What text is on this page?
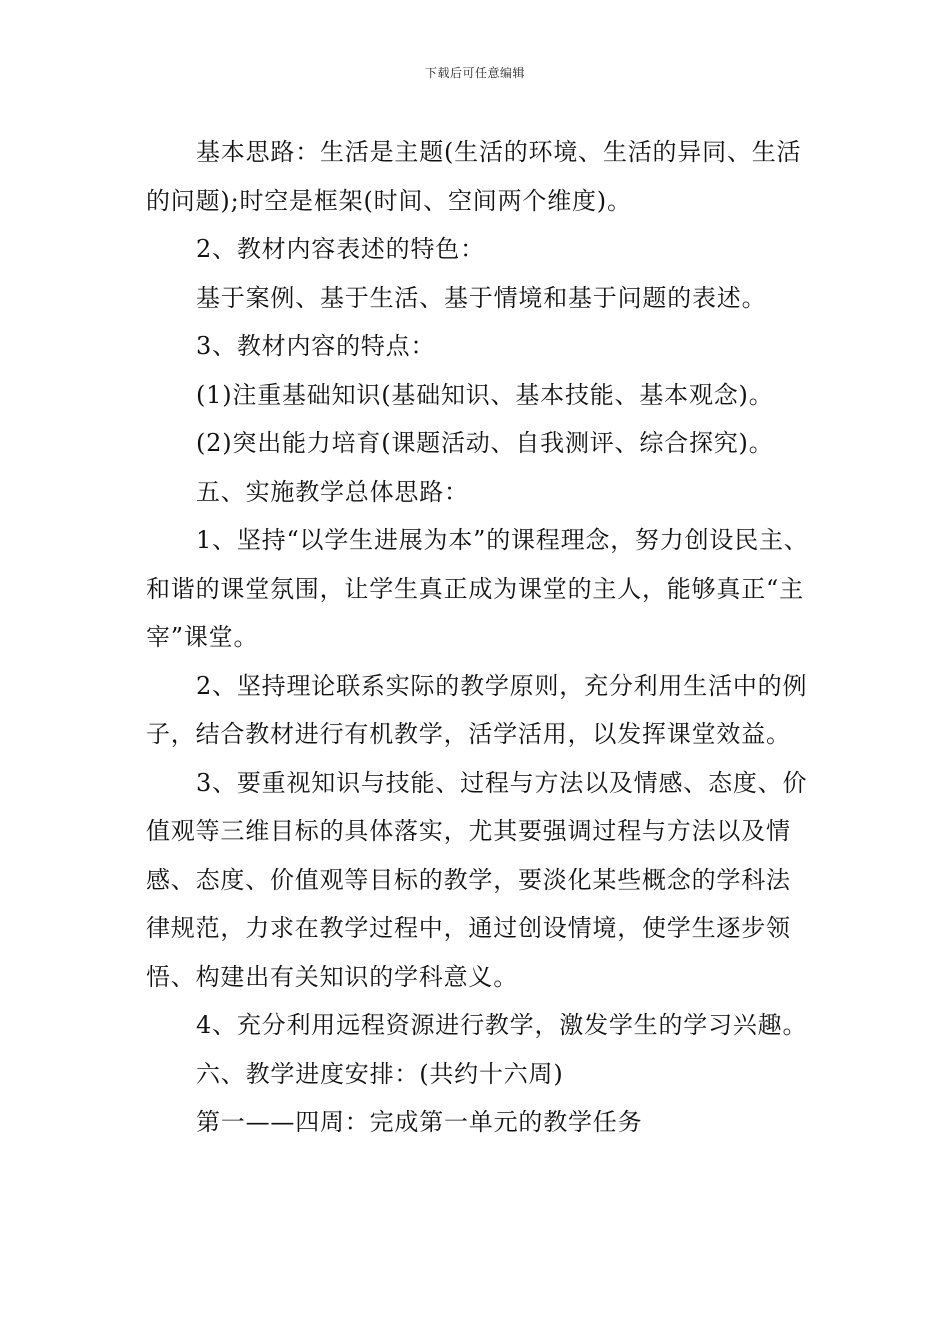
下载后可任意编辑

基本思路：生活是主题(生活的环境、生活的异同、生活的问题);时空是框架(时间、空间两个维度)。

2、教材内容表述的特色：

基于案例、基于生活、基于情境和基于问题的表述。

3、教材内容的特点：

(1)注重基础知识(基础知识、基本技能、基本观念)。

(2)突出能力培育(课题活动、自我测评、综合探究)。

五、实施教学总体思路：

1、坚持“以学生进展为本”的课程理念，努力创设民主、和谐的课堂氛围，让学生真正成为课堂的主人，能够真正“主宰”课堂。

2、坚持理论联系实际的教学原则，充分利用生活中的例子，结合教材进行有机教学，活学活用，以发挥课堂效益。

3、要重视知识与技能、过程与方法以及情感、态度、价值观等三维目标的具体落实，尤其要强调过程与方法以及情感、态度、价值观等目标的教学，要淡化某些概念的学科法律规范，力求在教学过程中，通过创设情境，使学生逐步领悟、构建出有关知识的学科意义。

4、充分利用远程资源进行教学，激发学生的学习兴趣。

六、教学进度安排：(共约十六周)

第一——四周：完成第一单元的教学任务
